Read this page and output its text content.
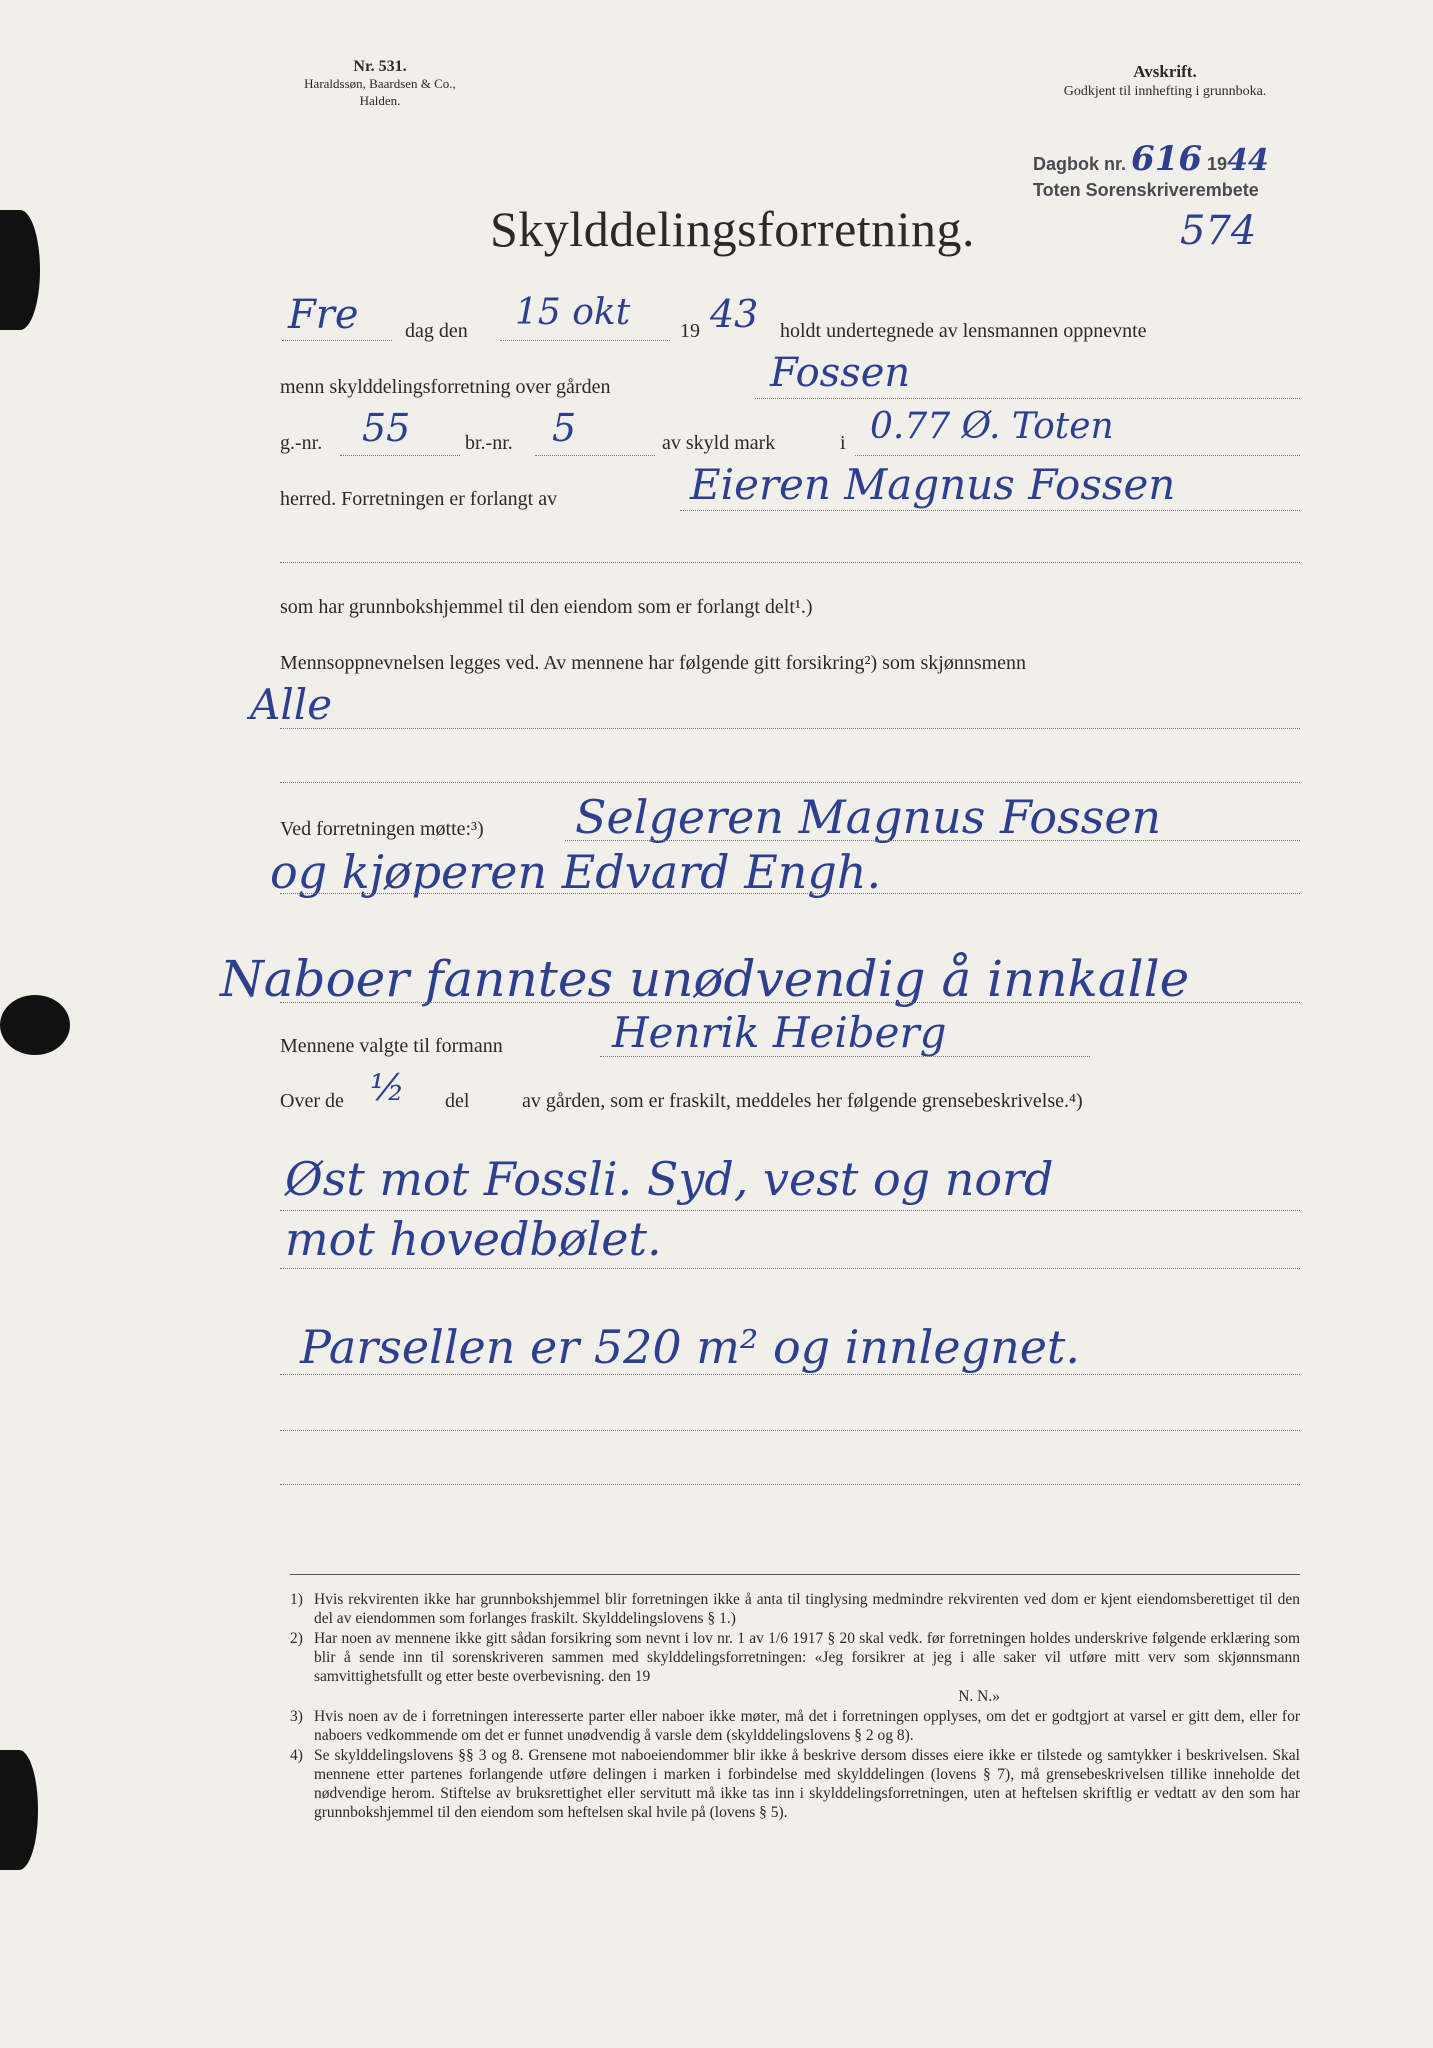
Nr. 531.
Haraldssøn, Baardsen & Co.,
Halden.
Avskrift.
Godkjent til innhefting i grunnboka.
Dagbok nr. 616 1944
Toten Sorenskriverembete
574
Skylddelingsforretning.
Fre dag den 15 okt 19 43 holdt undertegnede av lensmannen oppnevnte
menn skylddelingsforretning over gården	Fossen
g.-nr. 55	br.-nr. 5	av skyld mark	i 0.77 Ø. Toten
herred. Forretningen er forlangt av	Eieren Magnus Fossen
som har grunnbokshjemmel til den eiendom som er forlangt delt¹.)
Mennsoppnevnelsen legges ved. Av mennene har følgende gitt forsikring²) som skjønnsmenn
Alle
Ved forretningen møtte:³) Selgeren Magnus Fossen
og kjøperen Edvard Engh.
Naboer fanntes unødvendig å innkalle
Mennene valgte til formann	Henrik Heiberg
Over de ½ del	av gården, som er fraskilt, meddeles her følgende grensebeskrivelse.⁴)
Øst mot Fossli. Syd, vest og nord
mot hovedbølet.
Parsellen er 520 m² og innlegnet.
1) Hvis rekvirenten ikke har grunnbokshjemmel blir forretningen ikke å anta til tinglysing medmindre rekvirenten ved dom er kjent eiendomsberettiget til den del av eiendommen som forlanges fraskilt. Skylddelingslovens § 1.)
2) Har noen av mennene ikke gitt sådan forsikring som nevnt i lov nr. 1 av 1/6 1917 § 20 skal vedk. før forretningen holdes underskrive følgende erklæring som blir å sende inn til sorenskriveren sammen med skylddelingsforretningen: «Jeg forsikrer at jeg i alle saker vil utføre mitt verv som skjønnsmann samvittighetsfullt og etter beste overbevisning. den 19
N. N.»
3) Hvis noen av de i forretningen interesserte parter eller naboer ikke møter, må det i forretningen opplyses, om det er godtgjort at varsel er gitt dem, eller for naboers vedkommende om det er funnet unødvendig å varsle dem (skylddelingslovens § 2 og 8).
4) Se skylddelingslovens §§ 3 og 8. Grensene mot naboeiendommer blir ikke å beskrive dersom disses eiere ikke er tilstede og samtykker i beskrivelsen. Skal mennene etter partenes forlangende utføre delingen i marken i forbindelse med skylddelingen (lovens § 7), må grensebeskrivelsen tillike inneholde det nødvendige herom. Stiftelse av bruksrettighet eller servitutt må ikke tas inn i skylddelingsforretningen, uten at heftelsen skriftlig er vedtatt av den som har grunnbokshjemmel til den eiendom som heftelsen skal hvile på (lovens § 5).
